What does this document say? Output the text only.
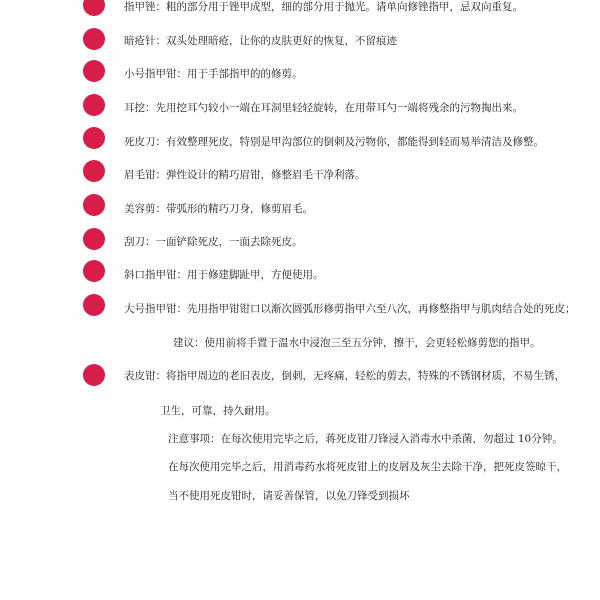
指甲锉：粗的部分用于锉甲成型，细的部分用于抛光。请单向修锉指甲，忌双向重复。
暗疮针：双头处理暗疮，让你的皮肤更好的恢复，不留痕迹
小号指甲钳：用于手部指甲的的修剪。
耳挖：先用挖耳勺较小一端在耳洞里轻轻旋转，在用带耳勺一端将残余的污物掏出来。
死皮刀：有效整理死皮，特别是甲沟部位的倒刺及污物你，都能得到轻而易举清洁及修整。
眉毛钳：弹性设计的精巧眉钳，修整眉毛干净利落。
美容剪：带弧形的精巧刀身，修剪眉毛。
刮刀：一面铲除死皮，一面去除死皮。
斜口指甲钳：用于修建脚趾甲，方便使用。
大号指甲钳：先用指甲钳钳口以渐次圆弧形修剪指甲六至八次，再修整指甲与肌肉结合处的死皮；
建议：使用前将手置于温水中浸泡三至五分钟，擦干，会更轻松修剪您的指甲。
表皮钳：将指甲周边的老旧表皮，倒刺，无疼痛，轻松的剪去，特殊的不锈钢材质，不易生锈，
卫生，可靠，持久耐用。
注意事项：在每次使用完毕之后，蒋死皮钳刀锋浸入消毒水中杀菌，勿超过 10分钟。
在每次使用完毕之后，用消毒药水将死皮钳上的皮屑及灰尘去除干净，把死皮签晾干，
当不使用死皮钳时，请妥善保管，以免刀锋受到损坏
